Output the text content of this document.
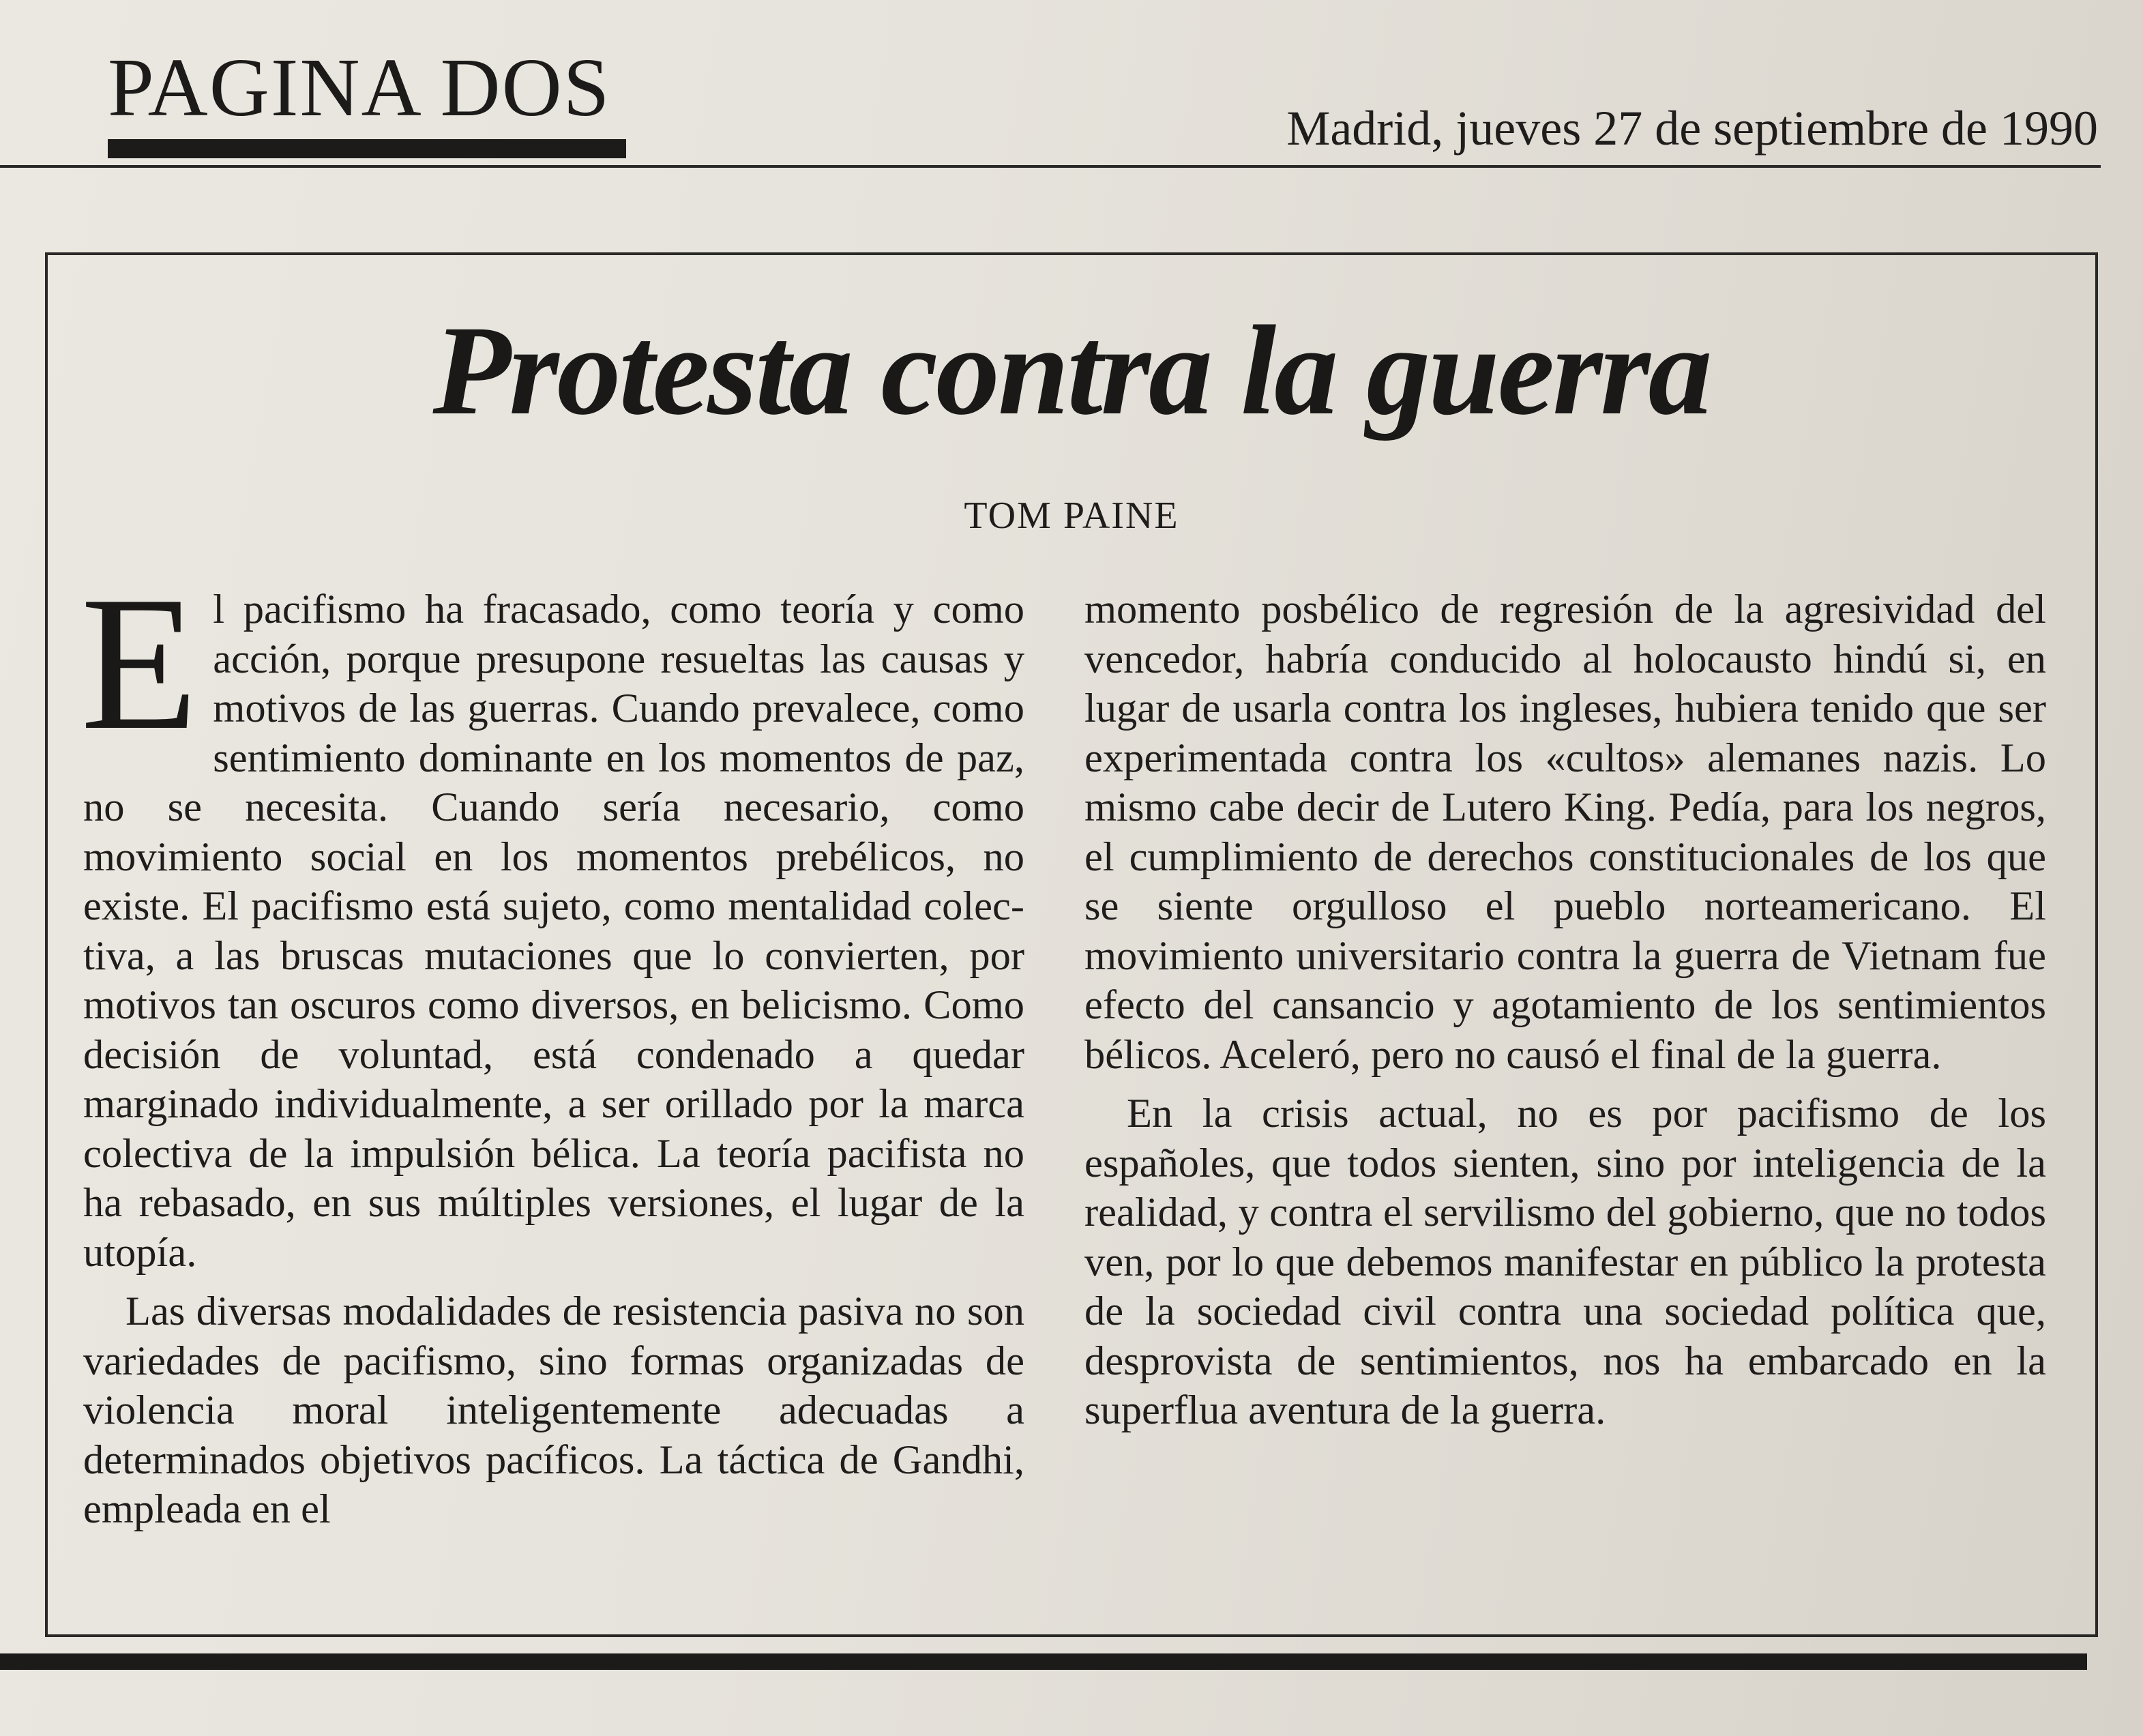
PAGINA DOS	Madrid, jueves 27 de septiembre de 1990
Protesta contra la guerra
TOM PAINE

El pacifismo ha fracasado, como teoría y como acción, porque presupone resueltas las causas y motivos de las guerras. Cuando prevalece, como sentimiento dominante en los momentos de paz, no se necesita. Cuando sería necesario, como movimiento social en los momentos prebélicos, no existe. El pacifismo está sujeto, como mentalidad colectiva, a las bruscas mutaciones que lo convierten, por motivos tan oscuros como diversos, en belicismo. Como decisión de voluntad, está condenado a quedar marginado individualmente, a ser orillado por la marca colectiva de la impulsión bélica. La teoría pacifista no ha rebasado, en sus múltiples versiones, el lugar de la utopía.

Las diversas modalidades de resistencia pasiva no son variedades de pacifismo, sino formas organizadas de violencia moral inteligentemente adecuadas a determinados objetivos pacíficos. La táctica de Gandhi, empleada en el

momento posbélico de regresión de la agresividad del vencedor, habría conducido al holocausto hindú si, en lugar de usarla contra los ingleses, hubiera tenido que ser experimentada contra los «cultos» alemanes nazis. Lo mismo cabe decir de Lutero King. Pedía, para los negros, el cumplimiento de derechos constitucionales de los que se siente orgulloso el pueblo norteamericano. El movimiento universitario contra la guerra de Vietnam fue efecto del cansancio y agotamiento de los sentimientos bélicos. Aceleró, pero no causó el final de la guerra.

En la crisis actual, no es por pacifismo de los españoles, que todos sienten, sino por inteligencia de la realidad, y contra el servilismo del gobierno, que no todos ven, por lo que debemos manifestar en público la protesta de la sociedad civil contra una sociedad política que, desprovista de sentimientos, nos ha embarcado en la superflua aventura de la guerra.
